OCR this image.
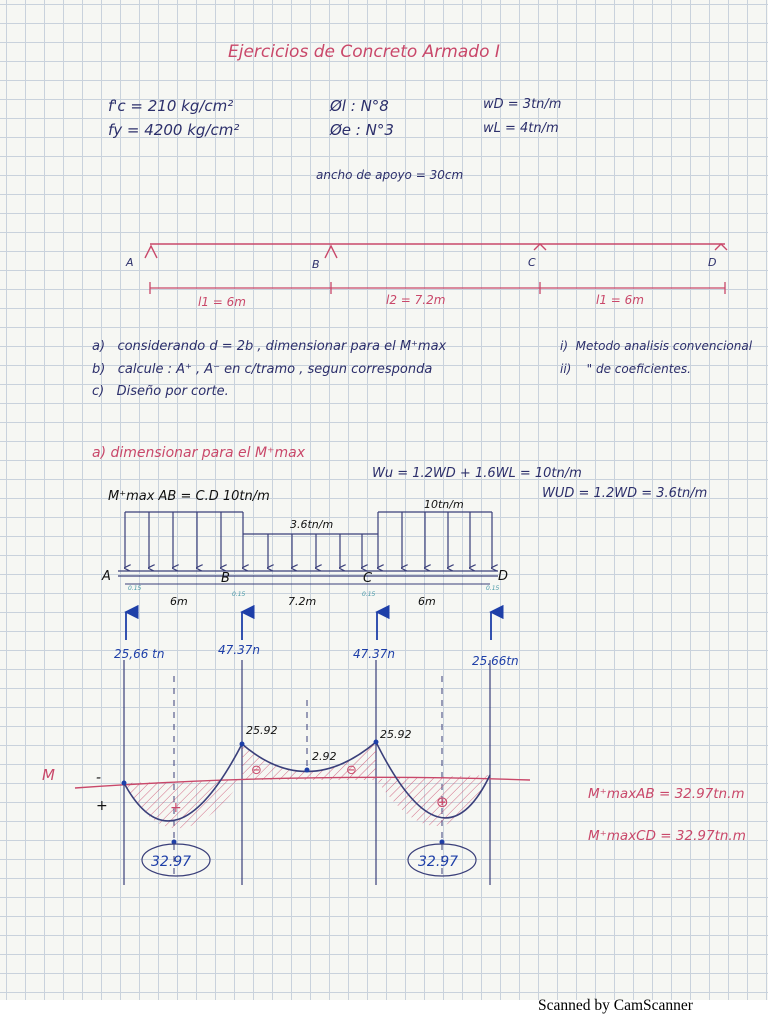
Ejercicios de Concreto Armado I
f'c = 210 kg/cm²
fy = 4200 kg/cm²
Øl : N°8
Øe : N°3
wD = 3tn/m
wL = 4tn/m
ancho de apoyo = 30cm
A	B	C	D
l1 = 6m	l2 = 7.2m	l1 = 6m
a) considerando d = 2b , dimensionar para el M⁺max
b) calcule : A⁺ , A⁻ en c/tramo , segun corresponda
c) Diseño por corte.
i) Metodo analisis convencional
ii) " de coeficientes.
a) dimensionar para el M⁺max
Wu = 1.2WD + 1.6WL = 10tn/m
WUD = 1.2WD = 3.6tn/m
M⁺max AB = C.D 10tn/m
3.6tn/m
10tn/m
A	B	C	D
0.15
0.15	0.15
0.15
6m	7.2m	6m
25,66 tn	47.37n	47.37n	25.66tn
M	-
+
25.92
2.92
25.92
+
⊖	⊖
⊕
32.97	32.97
M⁺maxAB = 32.97tn.m
M⁺maxCD = 32.97tn.m
Scanned by CamScanner
